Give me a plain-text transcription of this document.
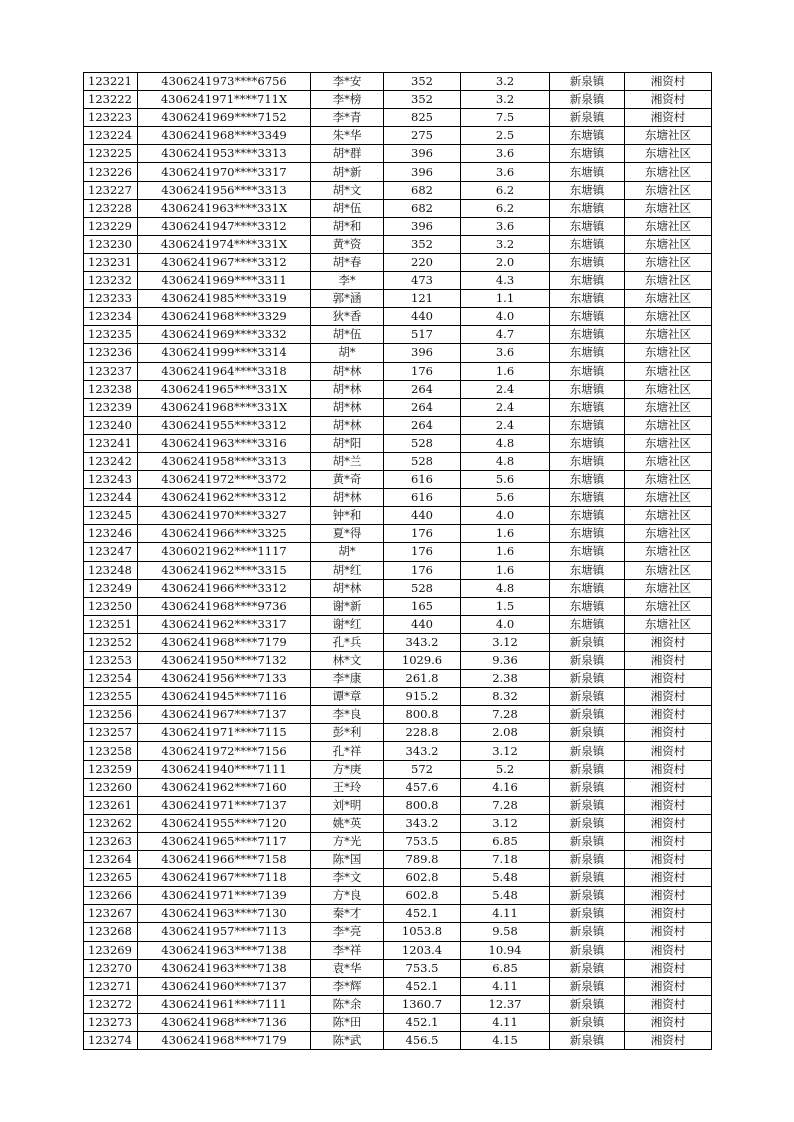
123221	4306241973****6756	李*安	352	3.2	新泉镇	湘资村
123222	4306241971****711X	李*榜	352	3.2	新泉镇	湘资村
123223	4306241969****7152	李*青	825	7.5	新泉镇	湘资村
123224	4306241968****3349	朱*华	275	2.5	东塘镇	东塘社区
123225	4306241953****3313	胡*群	396	3.6	东塘镇	东塘社区
123226	4306241970****3317	胡*新	396	3.6	东塘镇	东塘社区
123227	4306241956****3313	胡*文	682	6.2	东塘镇	东塘社区
123228	4306241963****331X	胡*伍	682	6.2	东塘镇	东塘社区
123229	4306241947****3312	胡*和	396	3.6	东塘镇	东塘社区
123230	4306241974****331X	黄*资	352	3.2	东塘镇	东塘社区
123231	4306241967****3312	胡*春	220	2.0	东塘镇	东塘社区
123232	4306241969****3311	李*	473	4.3	东塘镇	东塘社区
123233	4306241985****3319	郭*涵	121	1.1	东塘镇	东塘社区
123234	4306241968****3329	狄*香	440	4.0	东塘镇	东塘社区
123235	4306241969****3332	胡*伍	517	4.7	东塘镇	东塘社区
123236	4306241999****3314	胡*	396	3.6	东塘镇	东塘社区
123237	4306241964****3318	胡*林	176	1.6	东塘镇	东塘社区
123238	4306241965****331X	胡*林	264	2.4	东塘镇	东塘社区
123239	4306241968****331X	胡*林	264	2.4	东塘镇	东塘社区
123240	4306241955****3312	胡*林	264	2.4	东塘镇	东塘社区
123241	4306241963****3316	胡*阳	528	4.8	东塘镇	东塘社区
123242	4306241958****3313	胡*兰	528	4.8	东塘镇	东塘社区
123243	4306241972****3372	黄*奇	616	5.6	东塘镇	东塘社区
123244	4306241962****3312	胡*林	616	5.6	东塘镇	东塘社区
123245	4306241970****3327	钟*和	440	4.0	东塘镇	东塘社区
123246	4306241966****3325	夏*得	176	1.6	东塘镇	东塘社区
123247	4306021962****1117	胡*	176	1.6	东塘镇	东塘社区
123248	4306241962****3315	胡*红	176	1.6	东塘镇	东塘社区
123249	4306241966****3312	胡*林	528	4.8	东塘镇	东塘社区
123250	4306241968****9736	谢*新	165	1.5	东塘镇	东塘社区
123251	4306241962****3317	谢*红	440	4.0	东塘镇	东塘社区
123252	4306241968****7179	孔*兵	343.2	3.12	新泉镇	湘资村
123253	4306241950****7132	林*文	1029.6	9.36	新泉镇	湘资村
123254	4306241956****7133	李*康	261.8	2.38	新泉镇	湘资村
123255	4306241945****7116	谭*章	915.2	8.32	新泉镇	湘资村
123256	4306241967****7137	李*良	800.8	7.28	新泉镇	湘资村
123257	4306241971****7115	彭*利	228.8	2.08	新泉镇	湘资村
123258	4306241972****7156	孔*祥	343.2	3.12	新泉镇	湘资村
123259	4306241940****7111	方*庚	572	5.2	新泉镇	湘资村
123260	4306241962****7160	王*玲	457.6	4.16	新泉镇	湘资村
123261	4306241971****7137	刘*明	800.8	7.28	新泉镇	湘资村
123262	4306241955****7120	姚*英	343.2	3.12	新泉镇	湘资村
123263	4306241965****7117	方*光	753.5	6.85	新泉镇	湘资村
123264	4306241966****7158	陈*国	789.8	7.18	新泉镇	湘资村
123265	4306241967****7118	李*文	602.8	5.48	新泉镇	湘资村
123266	4306241971****7139	方*良	602.8	5.48	新泉镇	湘资村
123267	4306241963****7130	秦*才	452.1	4.11	新泉镇	湘资村
123268	4306241957****7113	李*亮	1053.8	9.58	新泉镇	湘资村
123269	4306241963****7138	李*祥	1203.4	10.94	新泉镇	湘资村
123270	4306241963****7138	袁*华	753.5	6.85	新泉镇	湘资村
123271	4306241960****7137	李*辉	452.1	4.11	新泉镇	湘资村
123272	4306241961****7111	陈*余	1360.7	12.37	新泉镇	湘资村
123273	4306241968****7136	陈*田	452.1	4.11	新泉镇	湘资村
123274	4306241968****7179	陈*武	456.5	4.15	新泉镇	湘资村
